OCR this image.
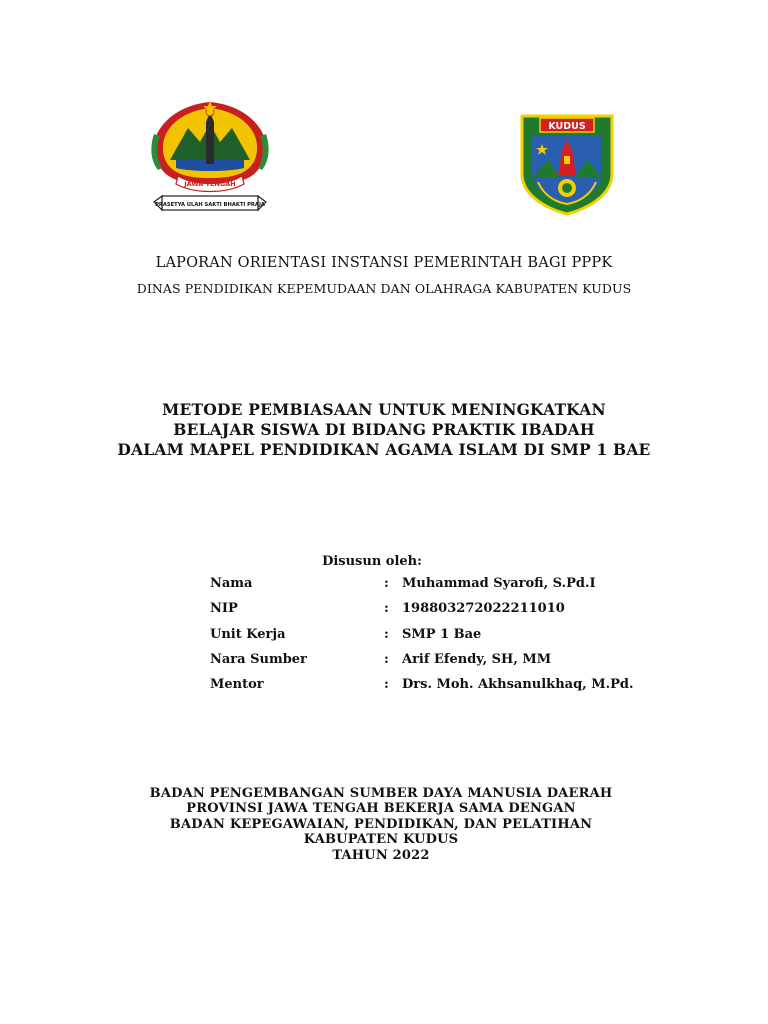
JAWA TENGAH
PRASETYA ULAH SAKTI BHAKTI PRAJA
KUDUS
LAPORAN ORIENTASI INSTANSI PEMERINTAH BAGI PPPK
DINAS PENDIDIKAN KEPEMUDAAN DAN OLAHRAGA KABUPATEN KUDUS
METODE PEMBIASAAN UNTUK MENINGKATKAN
BELAJAR SISWA DI BIDANG PRAKTIK IBADAH
DALAM MAPEL PENDIDIKAN AGAMA ISLAM DI SMP 1 BAE
Disusun oleh:
Nama	: Muhammad Syarofi, S.Pd.I
NIP	: 198803272022211010
Unit Kerja	: SMP 1 Bae
Nara Sumber	: Arif Efendy, SH, MM
Mentor	: Drs. Moh. Akhsanulkhaq, M.Pd.
BADAN PENGEMBANGAN SUMBER DAYA MANUSIA DAERAH
PROVINSI JAWA TENGAH BEKERJA SAMA DENGAN
BADAN KEPEGAWAIAN, PENDIDIKAN, DAN PELATIHAN
KABUPATEN KUDUS
TAHUN 2022
